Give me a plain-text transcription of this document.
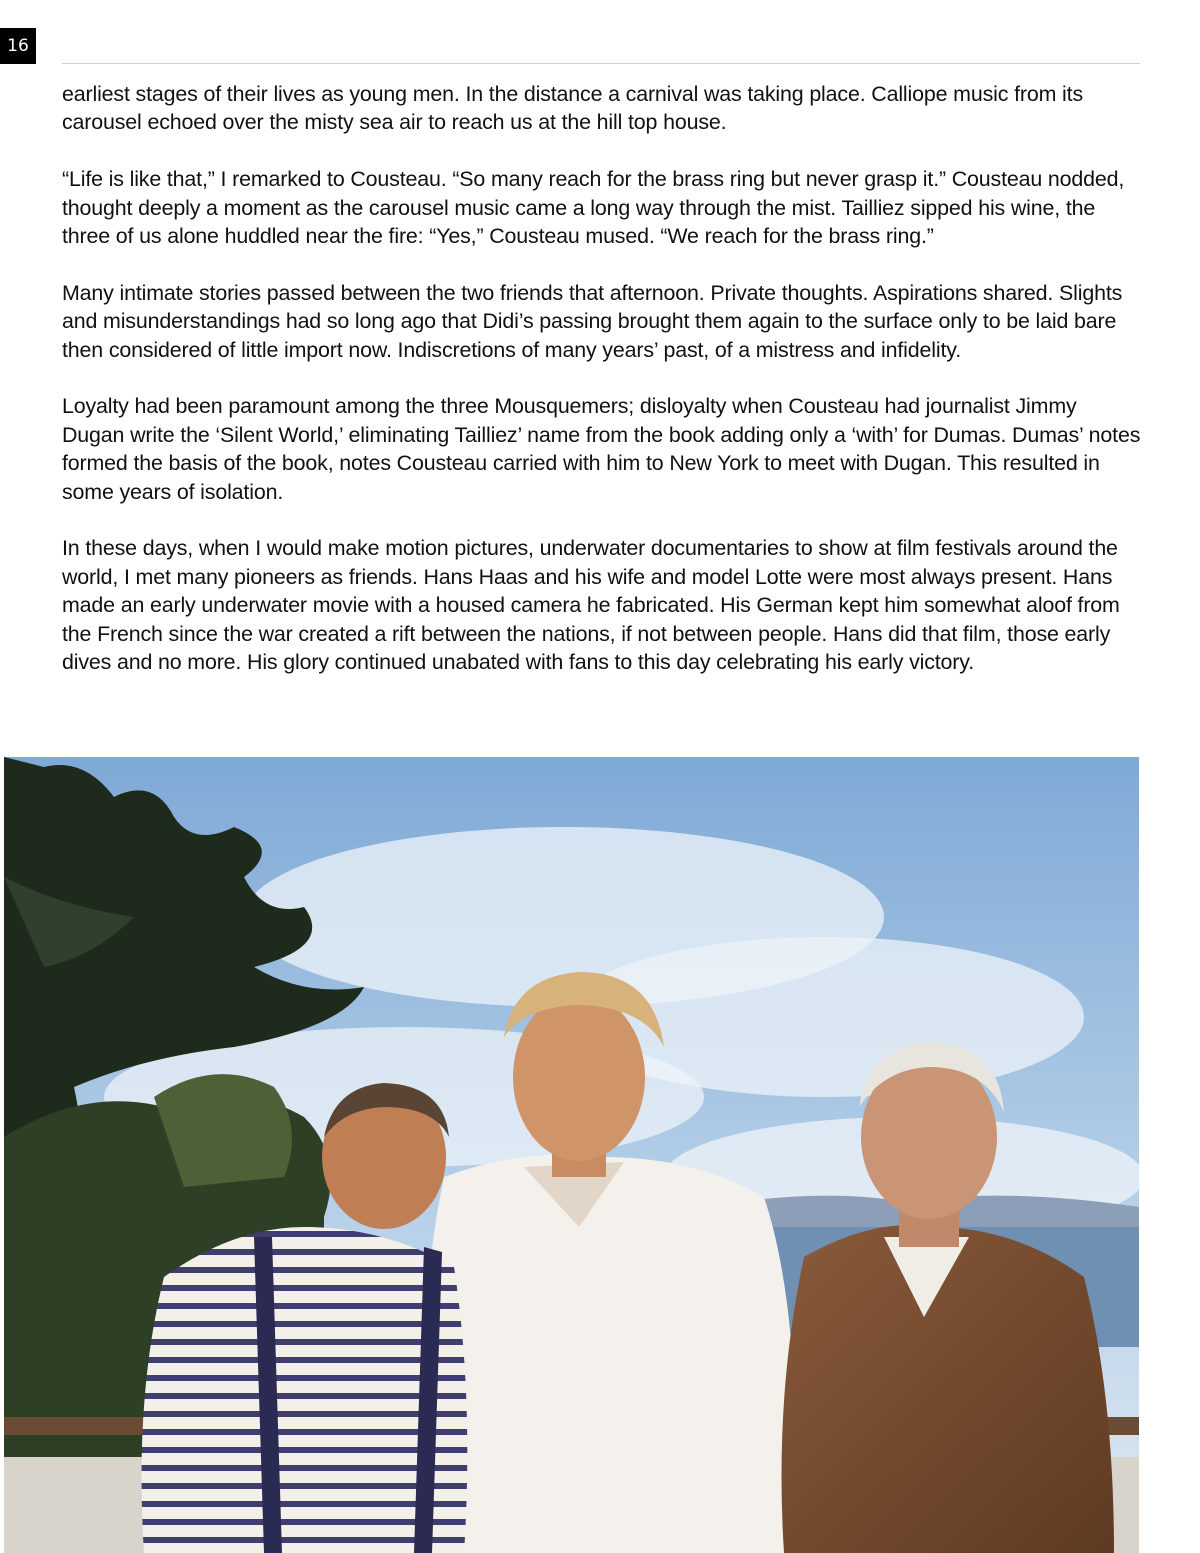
16

earliest stages of their lives as young men. In the distance a carnival was taking place. Calliope music from its carousel echoed over the misty sea air to reach us at the hill top house.

“Life is like that,” I remarked to Cousteau. “So many reach for the brass ring but never grasp it.” Cousteau nodded, thought deeply a moment as the carousel music came a long way through the mist. Tailliez sipped his wine, the three of us alone huddled near the fire: “Yes,” Cousteau mused. “We reach for the brass ring.”

Many intimate stories passed between the two friends that afternoon. Private thoughts. Aspirations shared. Slights and misunderstandings had so long ago that Didi’s passing brought them again to the surface only to be laid bare then considered of little import now. Indiscretions of many years’ past, of a mistress and infidelity.

Loyalty had been paramount among the three Mousquemers; disloyalty when Cousteau had journalist Jimmy Dugan write the ‘Silent World,’ eliminating Tailliez’ name from the book adding only a ‘with’ for Dumas. Dumas’ notes formed the basis of the book, notes Cousteau carried with him to New York to meet with Dugan. This resulted in some years of isolation.

In these days, when I would make motion pictures, underwater documentaries to show at film festivals around the world, I met many pioneers as friends. Hans Haas and his wife and model Lotte were most always present. Hans made an early underwater movie with a housed camera he fabricated. His German kept him somewhat aloof from the French since the war created a rift between the nations, if not between people. Hans did that film, those early dives and no more. His glory continued unabated with fans to this day celebrating his early victory.
